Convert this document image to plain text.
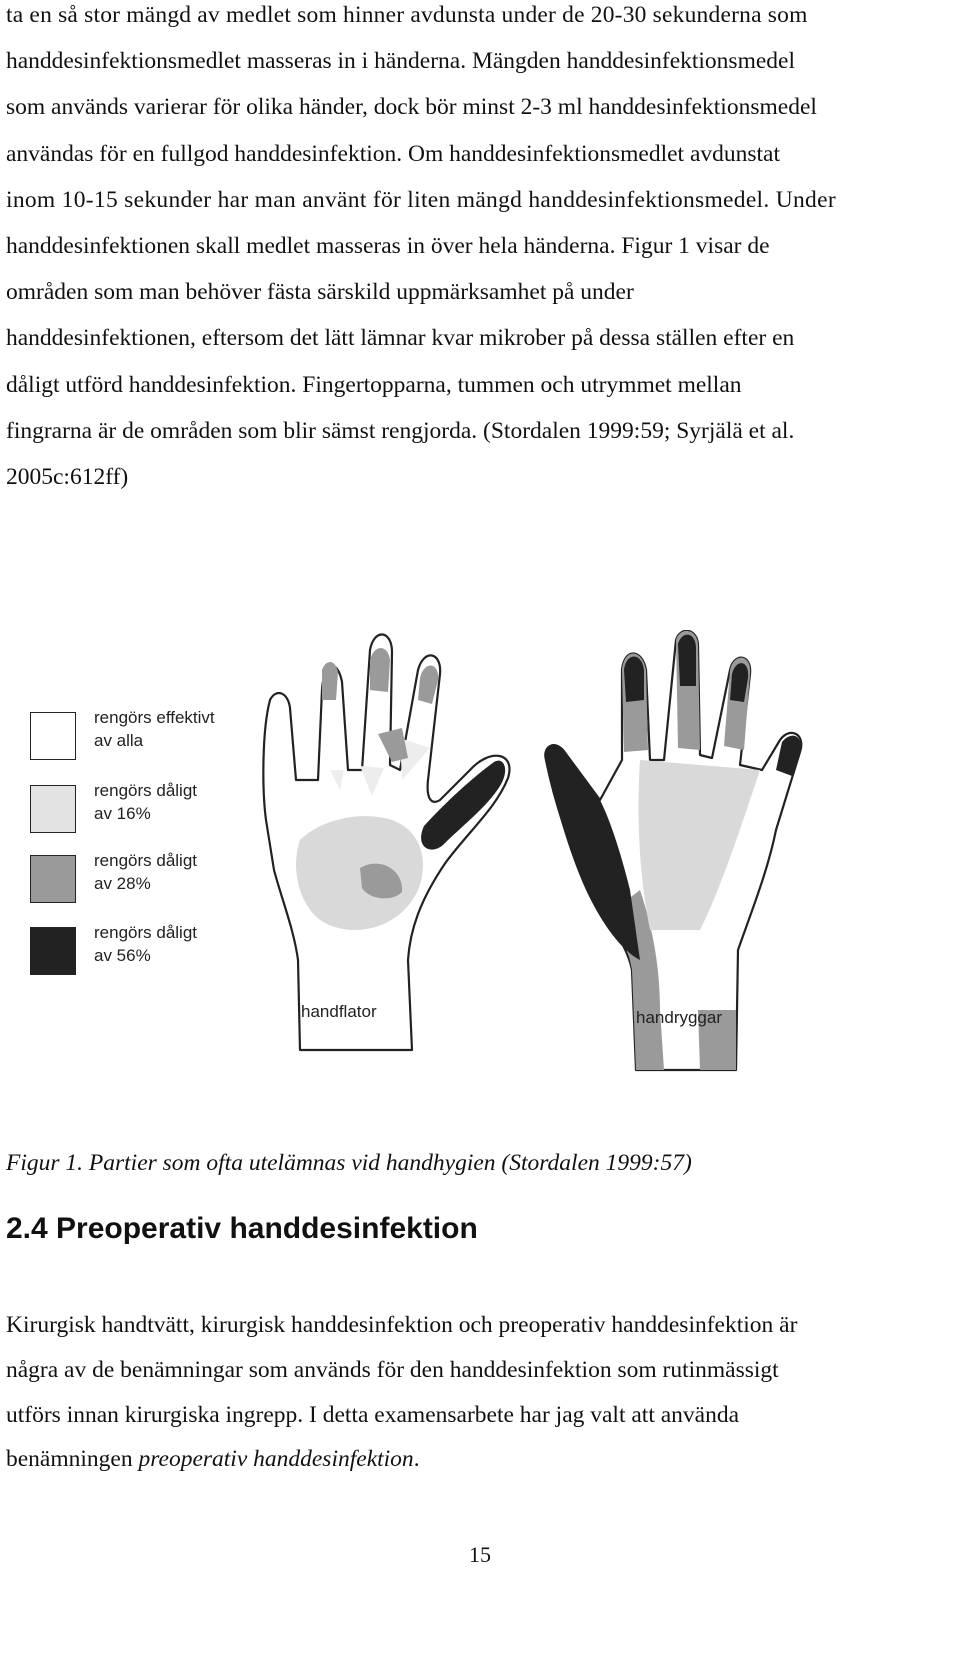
ta en så stor mängd av medlet som hinner avdunsta under de 20-30 sekunderna som
handdesinfektionsmedlet masseras in i händerna. Mängden handdesinfektionsmedel
som används varierar för olika händer, dock bör minst 2-3 ml handdesinfektionsmedel
användas för en fullgod handdesinfektion. Om handdesinfektionsmedlet avdunstat
inom 10-15 sekunder har man använt för liten mängd handdesinfektionsmedel. Under
handdesinfektionen skall medlet masseras in över hela händerna. Figur 1 visar de
områden som man behöver fästa särskild uppmärksamhet på under
handdesinfektionen, eftersom det lätt lämnar kvar mikrober på dessa ställen efter en
dåligt utförd handdesinfektion. Fingertopparna, tummen och utrymmet mellan
fingrarna är de områden som blir sämst rengjorda. (Stordalen 1999:59; Syrjälä et al.
2005c:612ff)
rengörs effektivt
av alla
rengörs dåligt
av 16%
rengörs dåligt
av 28%
rengörs dåligt
av 56%
handflator	handryggar

Figur 1. Partier som ofta utelämnas vid handhygien (Stordalen 1999:57)

2.4 Preoperativ handdesinfektion
Kirurgisk handtvätt, kirurgisk handdesinfektion och preoperativ handdesinfektion är
några av de benämningar som används för den handdesinfektion som rutinmässigt
utförs innan kirurgiska ingrepp. I detta examensarbete har jag valt att använda
benämningen preoperativ handdesinfektion.
15
